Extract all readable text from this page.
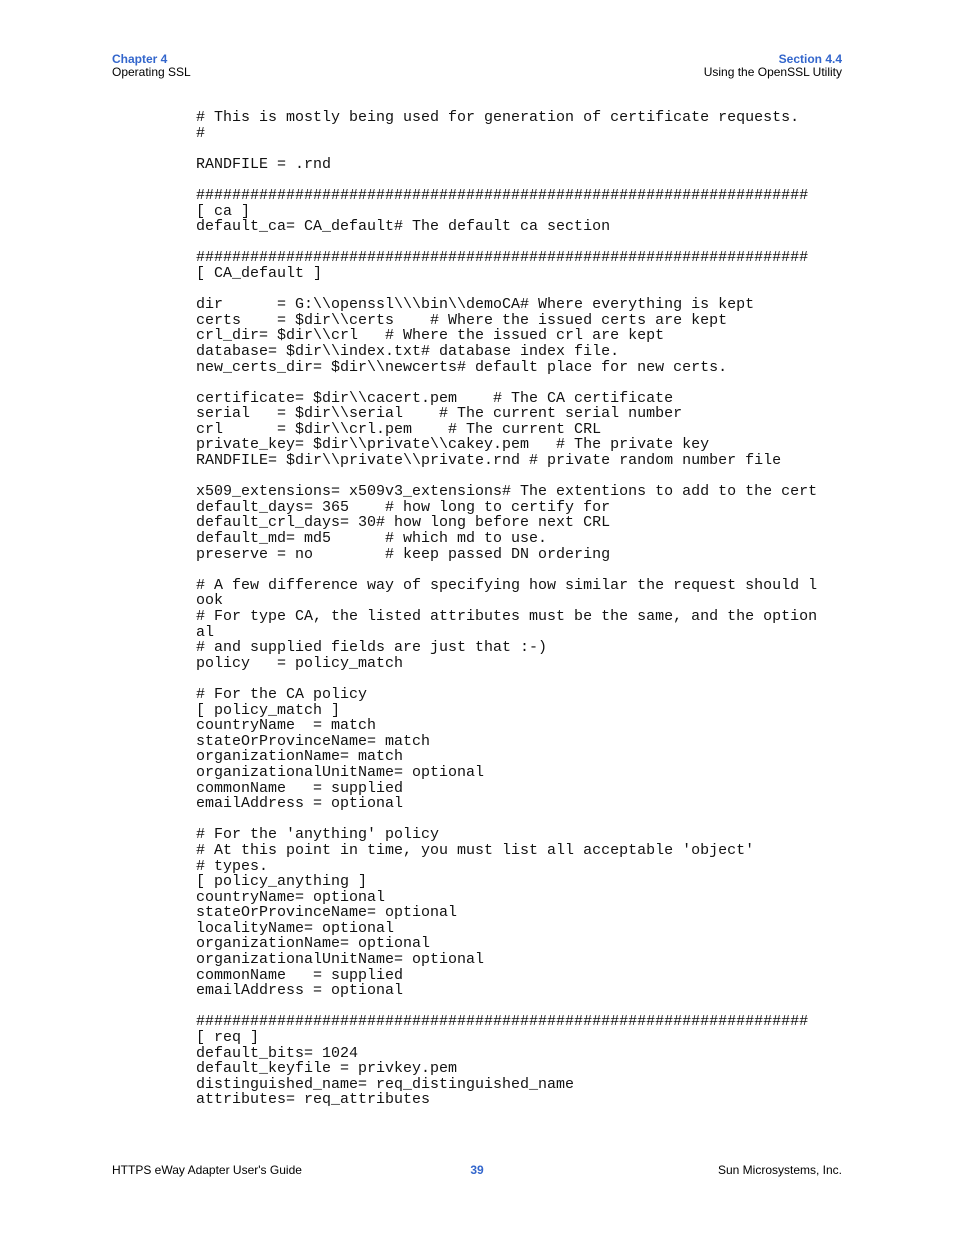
Chapter 4
Operating SSL
Section 4.4
Using the OpenSSL Utility
# This is mostly being used for generation of certificate requests.
#
RANDFILE = .rnd
####################################################################
[ ca ]
default_ca= CA_default# The default ca section
####################################################################
[ CA_default ]
dir      = G:\\openssl\\\bin\\demoCA# Where everything is kept
certs    = $dir\\certs    # Where the issued certs are kept
crl_dir= $dir\\crl   # Where the issued crl are kept
database= $dir\\index.txt# database index file.
new_certs_dir= $dir\\newcerts# default place for new certs.
certificate= $dir\\cacert.pem    # The CA certificate
serial   = $dir\\serial    # The current serial number
crl      = $dir\\crl.pem    # The current CRL
private_key= $dir\\private\\cakey.pem   # The private key
RANDFILE= $dir\\private\\private.rnd # private random number file
x509_extensions= x509v3_extensions# The extentions to add to the cert
default_days= 365    # how long to certify for
default_crl_days= 30# how long before next CRL
default_md= md5      # which md to use.
preserve = no        # keep passed DN ordering
# A few difference way of specifying how similar the request should l
ook
# For type CA, the listed attributes must be the same, and the option
al
# and supplied fields are just that :-)
policy   = policy_match
# For the CA policy
[ policy_match ]
countryName  = match
stateOrProvinceName= match
organizationName= match
organizationalUnitName= optional
commonName   = supplied
emailAddress = optional
# For the 'anything' policy
# At this point in time, you must list all acceptable 'object'
# types.
[ policy_anything ]
countryName= optional
stateOrProvinceName= optional
localityName= optional
organizationName= optional
organizationalUnitName= optional
commonName   = supplied
emailAddress = optional
####################################################################
[ req ]
default_bits= 1024
default_keyfile = privkey.pem
distinguished_name= req_distinguished_name
attributes= req_attributes
HTTPS eWay Adapter User's Guide	39	Sun Microsystems, Inc.
